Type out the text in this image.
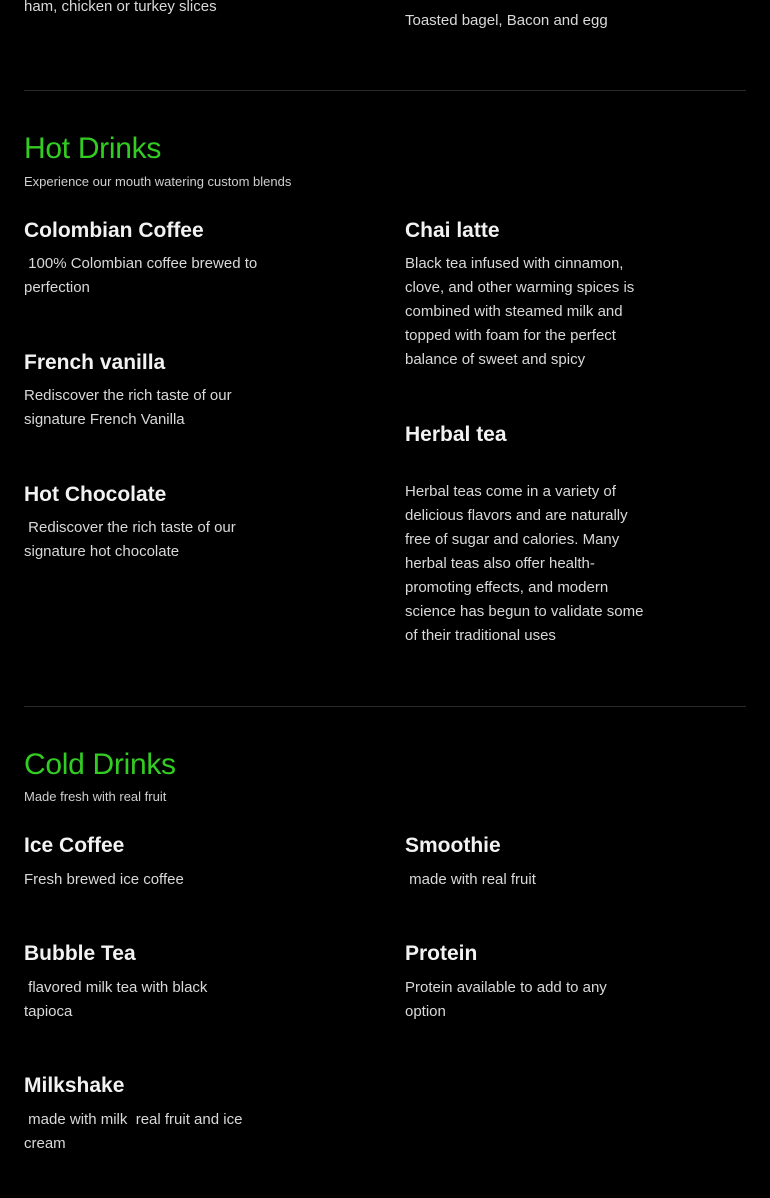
ham, chicken or turkey slices
Toasted bagel, Bacon and egg
Hot Drinks

Experience our mouth watering custom blends

Colombian Coffee

100% Colombian coffee brewed to perfection

Chai latte

Black tea infused with cinnamon, clove, and other warming spices is combined with steamed milk and topped with foam for the perfect balance of sweet and spicy

French vanilla

Rediscover the rich taste of our signature French Vanilla

Herbal tea

Herbal teas come in a variety of delicious flavors and are naturally free of sugar and calories. Many herbal teas also offer health-promoting effects, and modern science has begun to validate some of their traditional uses

Hot Chocolate

Rediscover the rich taste of our signature hot chocolate

Cold Drinks

Made fresh with real fruit

Ice Coffee

Fresh brewed ice coffee

Smoothie

made with real fruit

Bubble Tea

flavored milk tea with black tapioca

Protein

Protein available to add to any option

Milkshake

made with milk  real fruit and ice cream
